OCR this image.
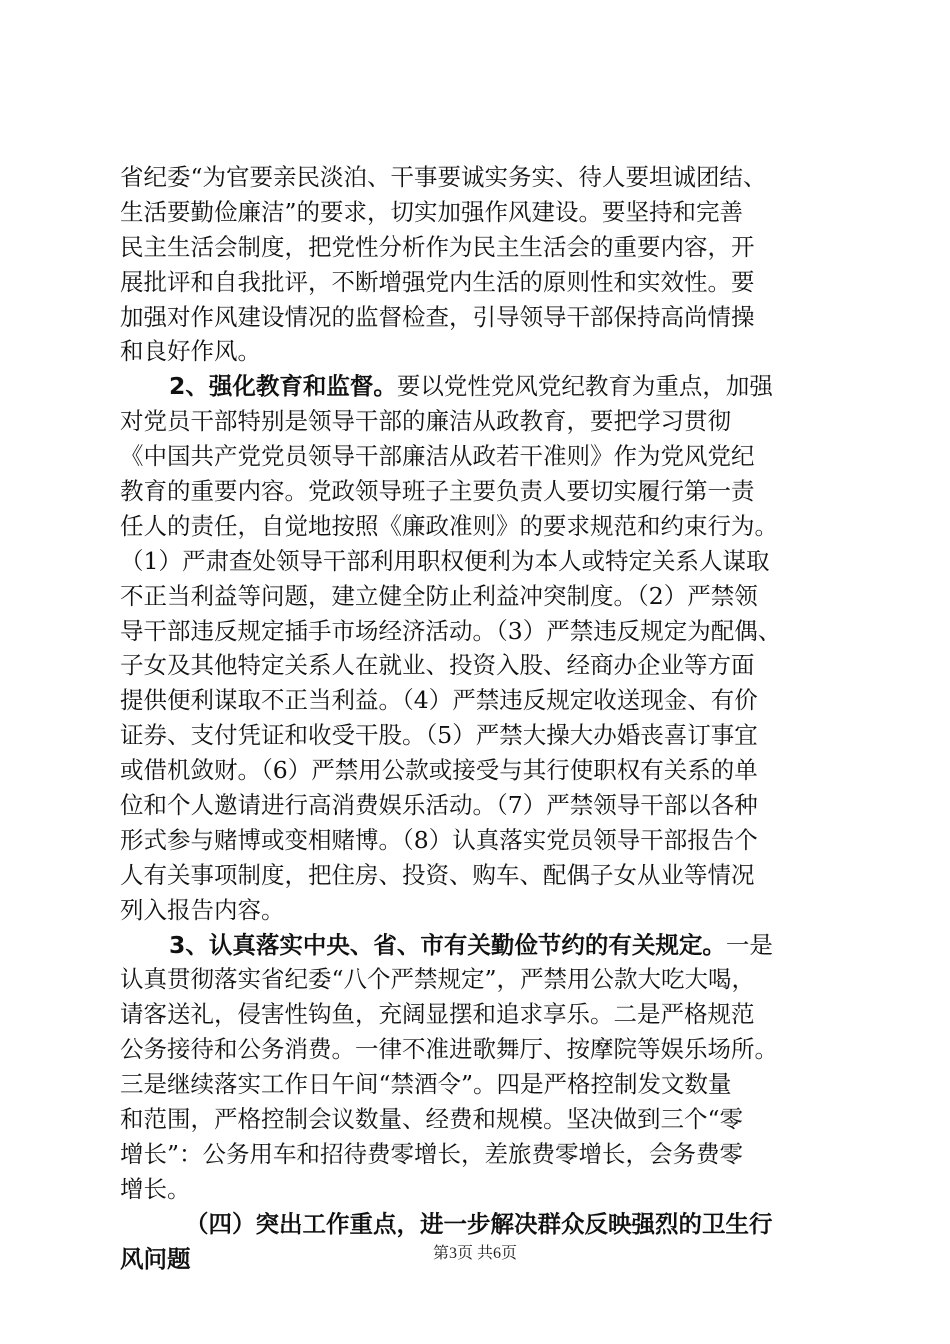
省纪委“为官要亲民淡泊、干事要诚实务实、待人要坦诚团结、
生活要勤俭廉洁”的要求，切实加强作风建设。要坚持和完善
民主生活会制度，把党性分析作为民主生活会的重要内容，开
展批评和自我批评，不断增强党内生活的原则性和实效性。要
加强对作风建设情况的监督检查，引导领导干部保持高尚情操
和良好作风。
2、强化教育和监督。要以党性党风党纪教育为重点，加强
对党员干部特别是领导干部的廉洁从政教育，要把学习贯彻
《中国共产党党员领导干部廉洁从政若干准则》作为党风党纪
教育的重要内容。党政领导班子主要负责人要切实履行第一责
任人的责任，自觉地按照《廉政准则》的要求规范和约束行为。
（1）严肃查处领导干部利用职权便利为本人或特定关系人谋取
不正当利益等问题，建立健全防止利益冲突制度。（2）严禁领
导干部违反规定插手市场经济活动。（3）严禁违反规定为配偶、
子女及其他特定关系人在就业、投资入股、经商办企业等方面
提供便利谋取不正当利益。（4）严禁违反规定收送现金、有价
证券、支付凭证和收受干股。（5）严禁大操大办婚丧喜订事宜
或借机敛财。（6）严禁用公款或接受与其行使职权有关系的单
位和个人邀请进行高消费娱乐活动。（7）严禁领导干部以各种
形式参与赌博或变相赌博。（8）认真落实党员领导干部报告个
人有关事项制度，把住房、投资、购车、配偶子女从业等情况
列入报告内容。
3、认真落实中央、省、市有关勤俭节约的有关规定。一是
认真贯彻落实省纪委“八个严禁规定”，严禁用公款大吃大喝，
请客送礼，侵害性钩鱼，充阔显摆和追求享乐。二是严格规范
公务接待和公务消费。一律不准进歌舞厅、按摩院等娱乐场所。
三是继续落实工作日午间“禁酒令”。四是严格控制发文数量
和范围，严格控制会议数量、经费和规模。坚决做到三个“零
增长”：公务用车和招待费零增长，差旅费零增长，会务费零
增长。
（四）突出工作重点，进一步解决群众反映强烈的卫生行
风问题	第3页 共6页
